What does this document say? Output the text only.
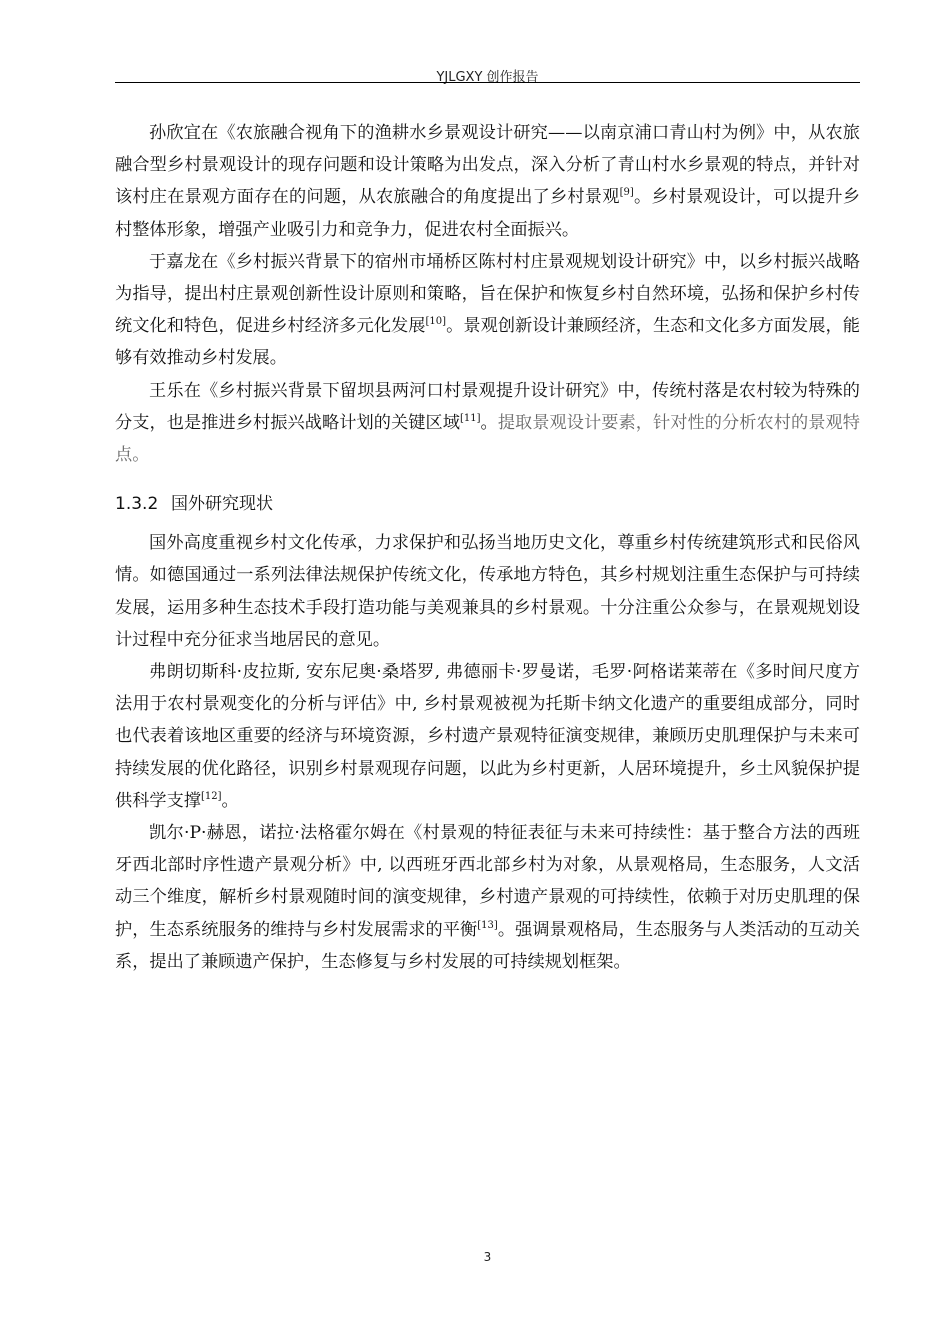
YJLGXY 创作报告

孙欣宜在《农旅融合视角下的渔耕水乡景观设计研究——以南京浦口青山村为例》中，从农旅融合型乡村景观设计的现存问题和设计策略为出发点，深入分析了青山村水乡景观的特点，并针对该村庄在景观方面存在的问题，从农旅融合的角度提出了乡村景观[9]。乡村景观设计，可以提升乡村整体形象，增强产业吸引力和竞争力，促进农村全面振兴。

于嘉龙在《乡村振兴背景下的宿州市埇桥区陈村村庄景观规划设计研究》中，以乡村振兴战略为指导，提出村庄景观创新性设计原则和策略，旨在保护和恢复乡村自然环境，弘扬和保护乡村传统文化和特色，促进乡村经济多元化发展[10]。景观创新设计兼顾经济，生态和文化多方面发展，能够有效推动乡村发展。

王乐在《乡村振兴背景下留坝县两河口村景观提升设计研究》中，传统村落是农村较为特殊的分支，也是推进乡村振兴战略计划的关键区域[11]。提取景观设计要素，针对性的分析农村的景观特点。

1.3.2 国外研究现状

国外高度重视乡村文化传承，力求保护和弘扬当地历史文化，尊重乡村传统建筑形式和民俗风情。如德国通过一系列法律法规保护传统文化，传承地方特色，其乡村规划注重生态保护与可持续发展，运用多种生态技术手段打造功能与美观兼具的乡村景观。十分注重公众参与，在景观规划设计过程中充分征求当地居民的意见。

弗朗切斯科·皮拉斯, 安东尼奥·桑塔罗, 弗德丽卡·罗曼诺，毛罗·阿格诺莱蒂在《多时间尺度方法用于农村景观变化的分析与评估》中, 乡村景观被视为托斯卡纳文化遗产的重要组成部分，同时也代表着该地区重要的经济与环境资源，乡村遗产景观特征演变规律，兼顾历史肌理保护与未来可持续发展的优化路径，识别乡村景观现存问题，以此为乡村更新，人居环境提升，乡土风貌保护提供科学支撑[12]。

凯尔·P·赫恩，诺拉·法格霍尔姆在《村景观的特征表征与未来可持续性：基于整合方法的西班牙西北部时序性遗产景观分析》中, 以西班牙西北部乡村为对象，从景观格局，生态服务，人文活动三个维度，解析乡村景观随时间的演变规律，乡村遗产景观的可持续性，依赖于对历史肌理的保护，生态系统服务的维持与乡村发展需求的平衡[13]。强调景观格局，生态服务与人类活动的互动关系，提出了兼顾遗产保护，生态修复与乡村发展的可持续规划框架。

3
